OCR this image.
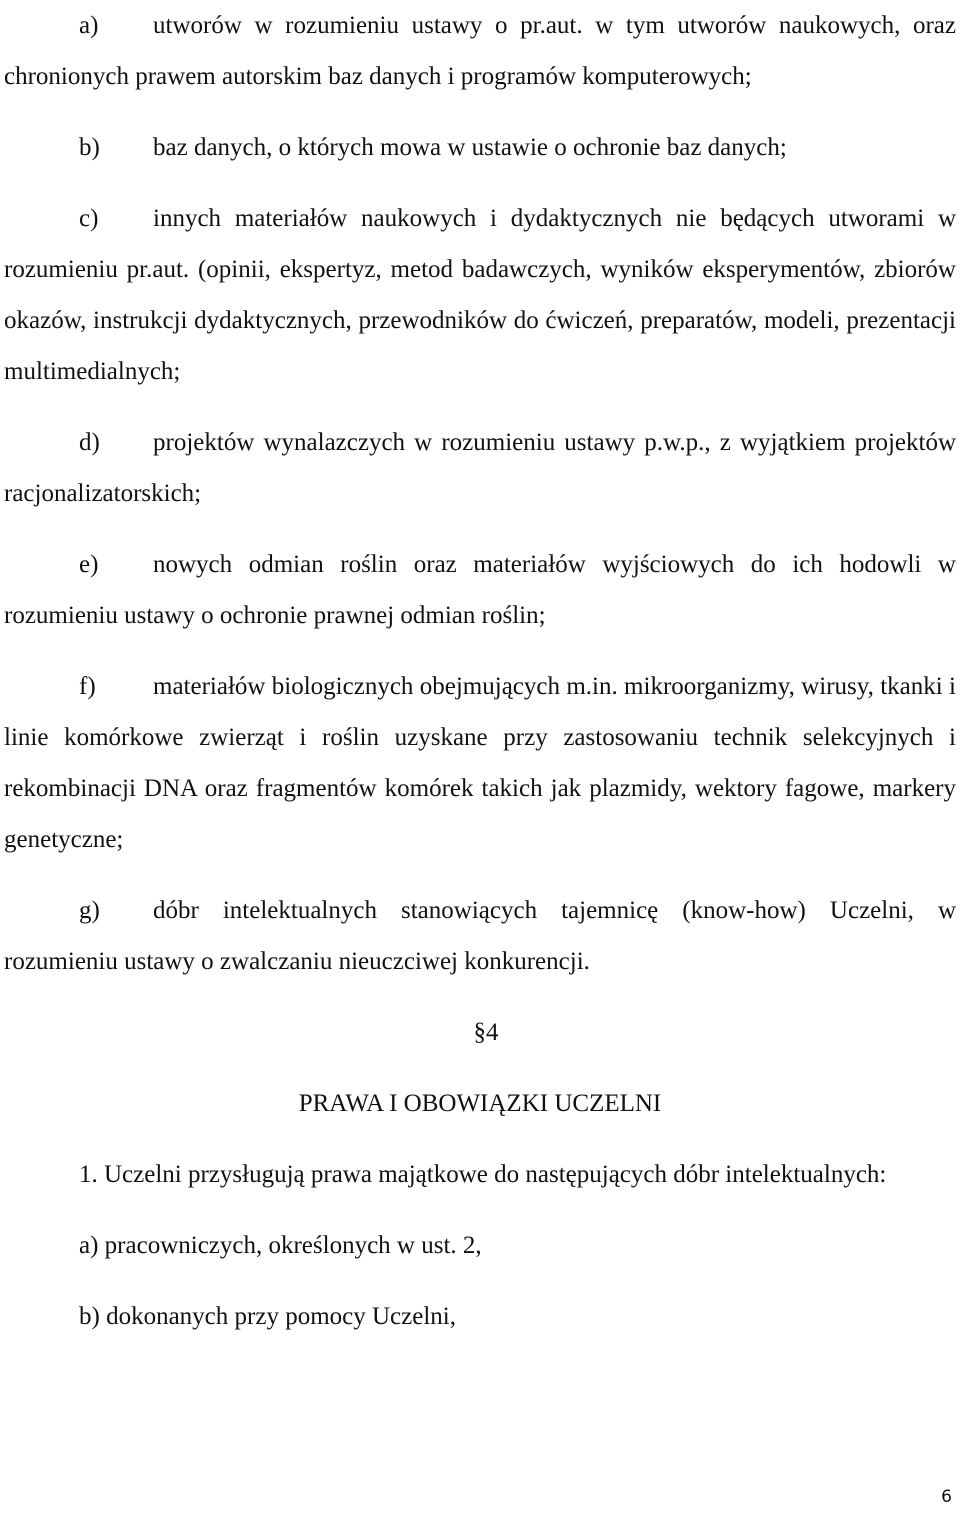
a) utworów w rozumieniu ustawy o pr.aut. w tym utworów naukowych, oraz chronionych prawem autorskim baz danych i programów komputerowych;

b) baz danych, o których mowa w ustawie o ochronie baz danych;

c) innych materiałów naukowych i dydaktycznych nie będących utworami w rozumieniu pr.aut. (opinii, ekspertyz, metod badawczych, wyników eksperymentów, zbiorów okazów, instrukcji dydaktycznych, przewodników do ćwiczeń, preparatów, modeli, prezentacji multimedialnych;

d) projektów wynalazczych w rozumieniu ustawy p.w.p., z wyjątkiem projektów racjonalizatorskich;

e) nowych odmian roślin oraz materiałów wyjściowych do ich hodowli w rozumieniu ustawy o ochronie prawnej odmian roślin;

f) materiałów biologicznych obejmujących m.in. mikroorganizmy, wirusy, tkanki i linie komórkowe zwierząt i roślin uzyskane przy zastosowaniu technik selekcyjnych i rekombinacji DNA oraz fragmentów komórek takich jak plazmidy, wektory fagowe, markery genetyczne;

g) dóbr intelektualnych stanowiących tajemnicę (know-how) Uczelni, w rozumieniu ustawy o zwalczaniu nieuczciwej konkurencji.

§4

PRAWA I OBOWIĄZKI UCZELNI

1. Uczelni przysługują prawa majątkowe do następujących dóbr intelektualnych:

a) pracowniczych, określonych w ust. 2,

b) dokonanych przy pomocy Uczelni,

6
